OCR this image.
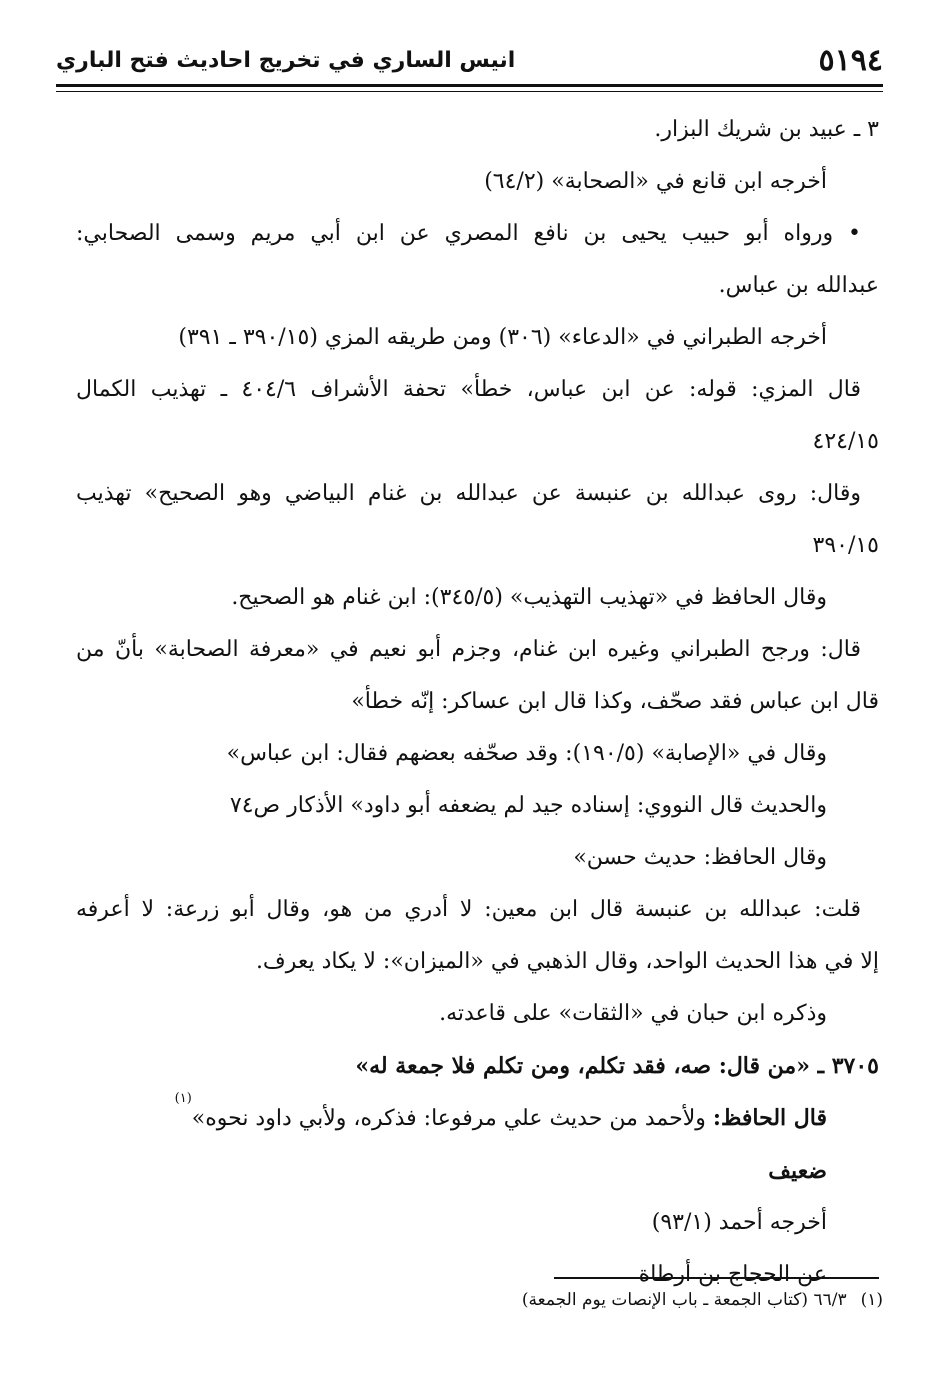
٥١٩٤
انيس الساري في تخريج احاديث فتح الباري
٣ ـ عبيد بن شريك البزار.
أخرجه ابن قانع في «الصحابة» (٦٤/٢)
• ورواه أبو حبيب يحيى بن نافع المصري عن ابن أبي مريم وسمى الصحابي:
عبدالله بن عباس.
أخرجه الطبراني في «الدعاء» (٣٠٦) ومن طريقه المزي (٣٩٠/١٥ ـ ٣٩١)
قال المزي: قوله: عن ابن عباس، خطأ» تحفة الأشراف ٤٠٤/٦ ـ تهذيب الكمال
٤٢٤/١٥
وقال: روى عبدالله بن عنبسة عن عبدالله بن غنام البياضي وهو الصحيح» تهذيب
٣٩٠/١٥
وقال الحافظ في «تهذيب التهذيب» (٣٤٥/٥): ابن غنام هو الصحيح.
قال: ورجح الطبراني وغيره ابن غنام، وجزم أبو نعيم في «معرفة الصحابة» بأنّ من
قال ابن عباس فقد صحّف، وكذا قال ابن عساكر: إنّه خطأ»
وقال في «الإصابة» (١٩٠/٥): وقد صحّفه بعضهم فقال: ابن عباس»
والحديث قال النووي: إسناده جيد لم يضعفه أبو داود» الأذكار ص٧٤
وقال الحافظ: حديث حسن»
قلت: عبدالله بن عنبسة قال ابن معين: لا أدري من هو، وقال أبو زرعة: لا أعرفه
إلا في هذا الحديث الواحد، وقال الذهبي في «الميزان»: لا يكاد يعرف.
وذكره ابن حبان في «الثقات» على قاعدته.
٣٧٠٥ ـ «من قال: صه، فقد تكلم، ومن تكلم فلا جمعة له»
قال الحافظ: ولأحمد من حديث علي مرفوعا: فذكره، ولأبي داود نحوه»$^{(١)}$
ضعيف
أخرجه أحمد (٩٣/١)
عن الحجاج بن أرطاة
(١)٦٦/٣ (كتاب الجمعة ـ باب الإنصات يوم الجمعة)
